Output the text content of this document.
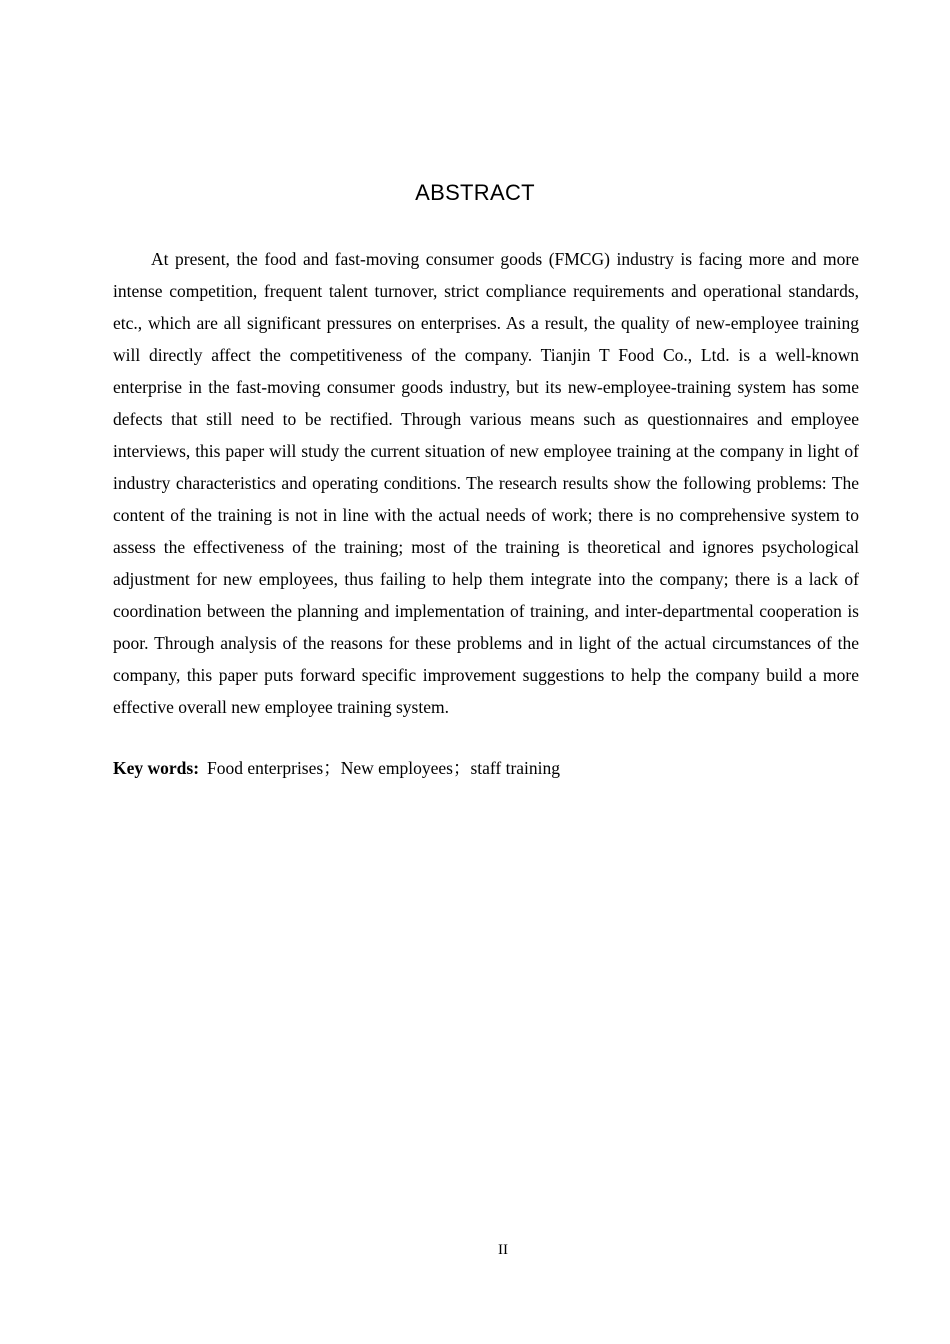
ABSTRACT

At present, the food and fast-moving consumer goods (FMCG) industry is facing more and more intense competition, frequent talent turnover, strict compliance requirements and operational standards, etc., which are all significant pressures on enterprises. As a result, the quality of new-employee training will directly affect the competitiveness of the company. Tianjin T Food Co., Ltd. is a well-known enterprise in the fast-moving consumer goods industry, but its new-employee-training system has some defects that still need to be rectified. Through various means such as questionnaires and employee interviews, this paper will study the current situation of new employee training at the company in light of industry characteristics and operating conditions. The research results show the following problems: The content of the training is not in line with the actual needs of work; there is no comprehensive system to assess the effectiveness of the training; most of the training is theoretical and ignores psychological adjustment for new employees, thus failing to help them integrate into the company; there is a lack of coordination between the planning and implementation of training, and inter-departmental cooperation is poor. Through analysis of the reasons for these problems and in light of the actual circumstances of the company, this paper puts forward specific improvement suggestions to help the company build a more effective overall new employee training system.

Key words: Food enterprises；New employees；staff training

II
